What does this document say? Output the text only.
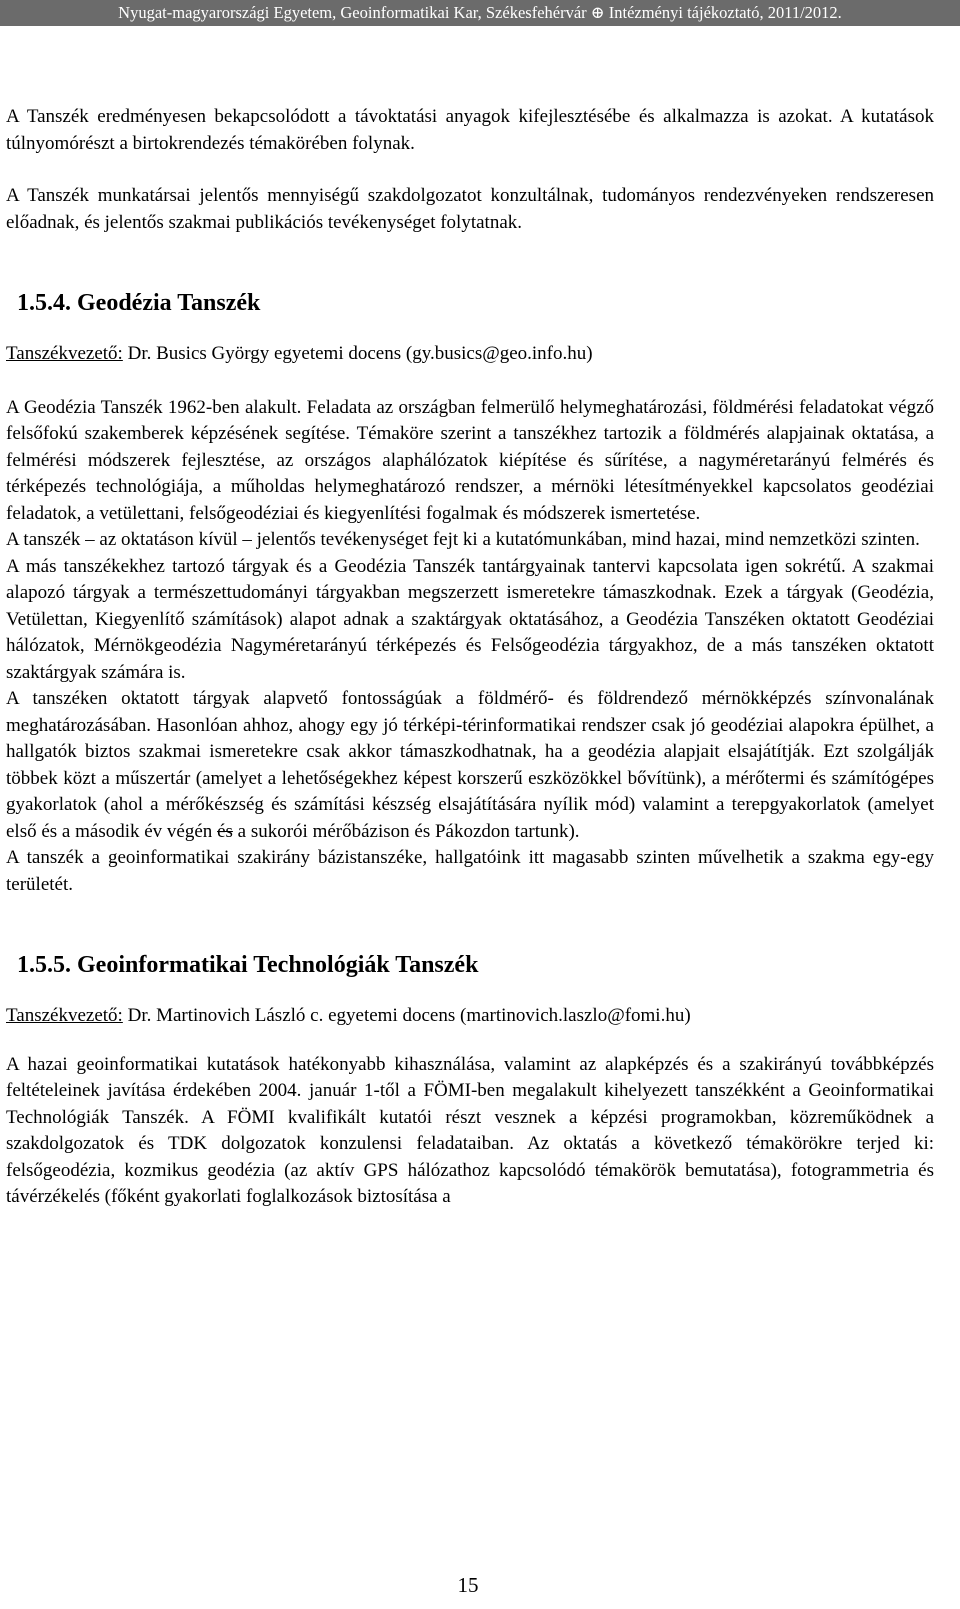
Nyugat-magyarországi Egyetem, Geoinformatikai Kar, Székesfehérvár ⊕ Intézményi tájékoztató, 2011/2012.

A Tanszék eredményesen bekapcsolódott a távoktatási anyagok kifejlesztésébe és alkalmazza is azokat. A kutatások túlnyomórészt a birtokrendezés témakörében folynak.

A Tanszék munkatársai jelentős mennyiségű szakdolgozatot konzultálnak, tudományos rendezvényeken rendszeresen előadnak, és jelentős szakmai publikációs tevékenységet folytatnak.

1.5.4. Geodézia Tanszék

Tanszékvezető: Dr. Busics György egyetemi docens (gy.busics@geo.info.hu)

A Geodézia Tanszék 1962-ben alakult. Feladata az országban felmerülő helymeghatározási, földmérési feladatokat végző felsőfokú szakemberek képzésének segítése. Témaköre szerint a tanszékhez tartozik a földmérés alapjainak oktatása, a felmérési módszerek fejlesztése, az országos alaphálózatok kiépítése és sűrítése, a nagyméretarányú felmérés és térképezés technológiája, a műholdas helymeghatározó rendszer, a mérnöki létesítményekkel kapcsolatos geodéziai feladatok, a vetülettani, felsőgeodéziai és kiegyenlítési fogalmak és módszerek ismertetése.

A tanszék – az oktatáson kívül – jelentős tevékenységet fejt ki a kutatómunkában, mind hazai, mind nemzetközi szinten.

A más tanszékekhez tartozó tárgyak és a Geodézia Tanszék tantárgyainak tantervi kapcsolata igen sokrétű. A szakmai alapozó tárgyak a természettudományi tárgyakban megszerzett ismeretekre támaszkodnak. Ezek a tárgyak (Geodézia, Vetülettan, Kiegyenlítő számítások) alapot adnak a szaktárgyak oktatásához, a Geodézia Tanszéken oktatott Geodéziai hálózatok, Mérnökgeodézia Nagyméretarányú térképezés és Felsőgeodézia tárgyakhoz, de a más tanszéken oktatott szaktárgyak számára is.

A tanszéken oktatott tárgyak alapvető fontosságúak a földmérő- és földrendező mérnökképzés színvonalának meghatározásában. Hasonlóan ahhoz, ahogy egy jó térképi-térinformatikai rendszer csak jó geodéziai alapokra épülhet, a hallgatók biztos szakmai ismeretekre csak akkor támaszkodhatnak, ha a geodézia alapjait elsajátítják. Ezt szolgálják többek közt a műszertár (amelyet a lehetőségekhez képest korszerű eszközökkel bővítünk), a mérőtermi és számítógépes gyakorlatok (ahol a mérőkészség és számítási készség elsajátítására nyílik mód) valamint a terepgyakorlatok (amelyet első és a második év végén és a sukorói mérőbázison és Pákozdon tartunk).

A tanszék a geoinformatikai szakirány bázistanszéke, hallgatóink itt magasabb szinten művelhetik a szakma egy-egy területét.

1.5.5. Geoinformatikai Technológiák Tanszék

Tanszékvezető: Dr. Martinovich László c. egyetemi docens (martinovich.laszlo@fomi.hu)

A hazai geoinformatikai kutatások hatékonyabb kihasználása, valamint az alapképzés és a szakirányú továbbképzés feltételeinek javítása érdekében 2004. január 1-től a FÖMI-ben megalakult kihelyezett tanszékként a Geoinformatikai Technológiák Tanszék. A FÖMI kvalifikált kutatói részt vesznek a képzési programokban, közreműködnek a szakdolgozatok és TDK dolgozatok konzulensi feladataiban. Az oktatás a következő témakörökre terjed ki: felsőgeodézia, kozmikus geodézia (az aktív GPS hálózathoz kapcsolódó témakörök bemutatása), fotogrammetria és távérzékelés (főként gyakorlati foglalkozások biztosítása a

15
